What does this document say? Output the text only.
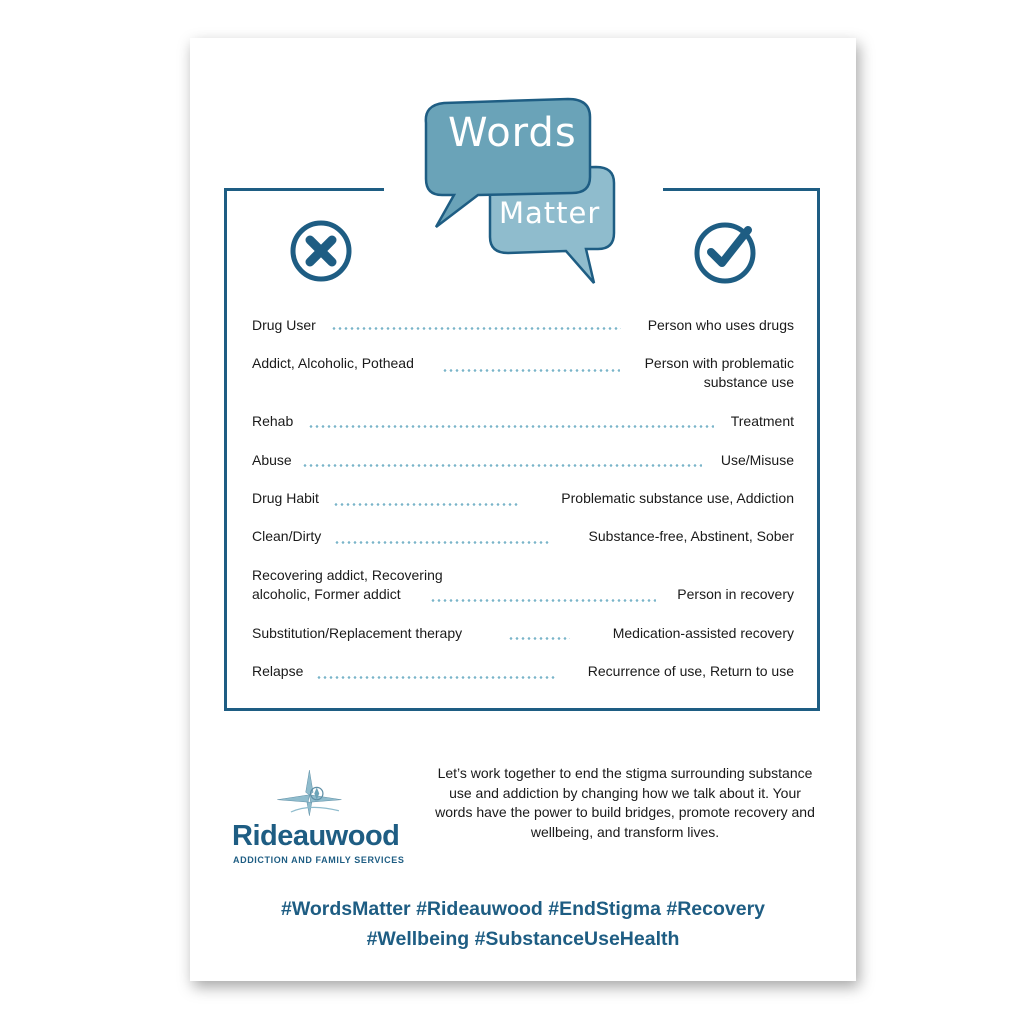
Words
Matter
Drug User	Person who uses drugs
Addict, Alcoholic, Pothead	Person with problematic
substance use
Rehab	Treatment
Abuse	Use/Misuse
Drug Habit	Problematic substance use, Addiction
Clean/Dirty	Substance-free, Abstinent, Sober
Recovering addict, Recovering
alcoholic, Former addict	Person in recovery
Substitution/Replacement therapy	Medication-assisted recovery
Relapse	Recurrence of use, Return to use
Rideauwood
ADDICTION AND FAMILY SERVICES
Let’s work together to end the stigma surrounding substance use and addiction by changing how we talk about it. Your words have the power to build bridges, promote recovery and wellbeing, and transform lives.
#WordsMatter #Rideauwood #EndStigma #Recovery
#Wellbeing #SubstanceUseHealth
